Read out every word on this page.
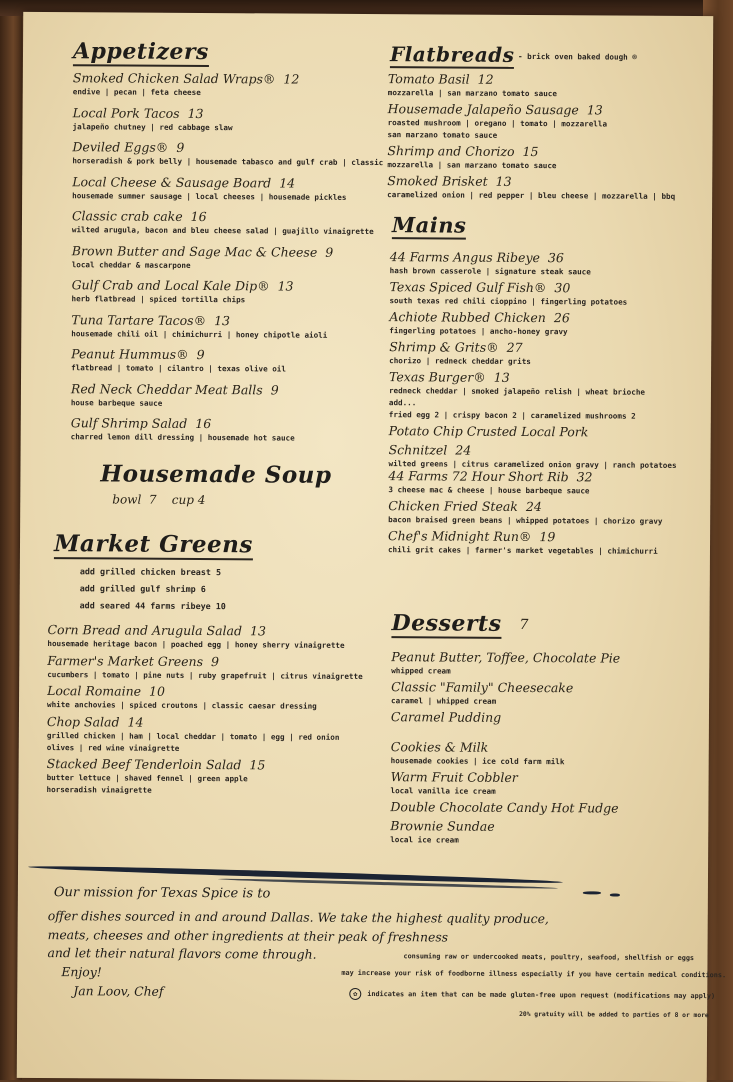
Appetizers
Smoked Chicken Salad Wraps® 12
endive | pecan | feta cheese
Local Pork Tacos 13
jalapeño chutney | red cabbage slaw
Deviled Eggs® 9
horseradish & pork belly | housemade tabasco and gulf crab | classic
Local Cheese & Sausage Board 14
housemade summer sausage | local cheeses | housemade pickles
Classic crab cake 16
wilted arugula, bacon and bleu cheese salad | guajillo vinaigrette
Brown Butter and Sage Mac & Cheese 9
local cheddar & mascarpone
Gulf Crab and Local Kale Dip® 13
herb flatbread | spiced tortilla chips
Tuna Tartare Tacos® 13
housemade chili oil | chimichurri | honey chipotle aioli
Peanut Hummus® 9
flatbread | tomato | cilantro | texas olive oil
Red Neck Cheddar Meat Balls 9
house barbeque sauce
Gulf Shrimp Salad 16
charred lemon dill dressing | housemade hot sauce
Housemade Soup
bowl  7    cup 4
Market Greens
add grilled chicken breast 5
add grilled gulf shrimp 6
add seared 44 farms ribeye 10
Corn Bread and Arugula Salad 13
housemade heritage bacon | poached egg | honey sherry vinaigrette
Farmer's Market Greens 9
cucumbers | tomato | pine nuts | ruby grapefruit | citrus vinaigrette
Local Romaine 10
white anchovies | spiced croutons | classic caesar dressing
Chop Salad 14
grilled chicken | ham | local cheddar | tomato | egg | red onion
olives | red wine vinaigrette
Stacked Beef Tenderloin Salad 15
butter lettuce | shaved fennel | green apple
horseradish vinaigrette
Flatbreads - brick oven baked dough ®
Tomato Basil 12
mozzarella | san marzano tomato sauce
Housemade Jalapeño Sausage 13
roasted mushroom | oregano | tomato | mozzarella
san marzano tomato sauce
Shrimp and Chorizo 15
mozzarella | san marzano tomato sauce
Smoked Brisket 13
caramelized onion | red pepper | bleu cheese | mozzarella | bbq
Mains
44 Farms Angus Ribeye 36
hash brown casserole | signature steak sauce
Texas Spiced Gulf Fish® 30
south texas red chili cioppino | fingerling potatoes
Achiote Rubbed Chicken 26
fingerling potatoes | ancho-honey gravy
Shrimp & Grits® 27
chorizo | redneck cheddar grits
Texas Burger® 13
redneck cheddar | smoked jalapeño relish | wheat brioche
add...
fried egg 2 | crispy bacon 2 | caramelized mushrooms 2
Potato Chip Crusted Local Pork
Schnitzel 24
wilted greens | citrus caramelized onion gravy | ranch potatoes
44 Farms 72 Hour Short Rib 32
3 cheese mac & cheese | house barbeque sauce
Chicken Fried Steak 24
bacon braised green beans | whipped potatoes | chorizo gravy
Chef's Midnight Run® 19
chili grit cakes | farmer's market vegetables | chimichurri
Desserts 7
Peanut Butter, Toffee, Chocolate Pie
whipped cream
Classic "Family" Cheesecake
caramel | whipped cream
Caramel Pudding
Cookies & Milk
housemade cookies | ice cold farm milk
Warm Fruit Cobbler
local vanilla ice cream
Double Chocolate Candy Hot Fudge
Brownie Sundae
local ice cream
Our mission for Texas Spice is to
offer dishes sourced in and around Dallas. We take the highest quality produce,
meats, cheeses and other ingredients at their peak of freshness
and let their natural flavors come through.
Enjoy!
Jan Loov, Chef
consuming raw or undercooked meats, poultry, seafood, shellfish or eggs
may increase your risk of foodborne illness especially if you have certain medical conditions.
✿ indicates an item that can be made gluten-free upon request (modifications may apply)
20% gratuity will be added to parties of 8 or more
